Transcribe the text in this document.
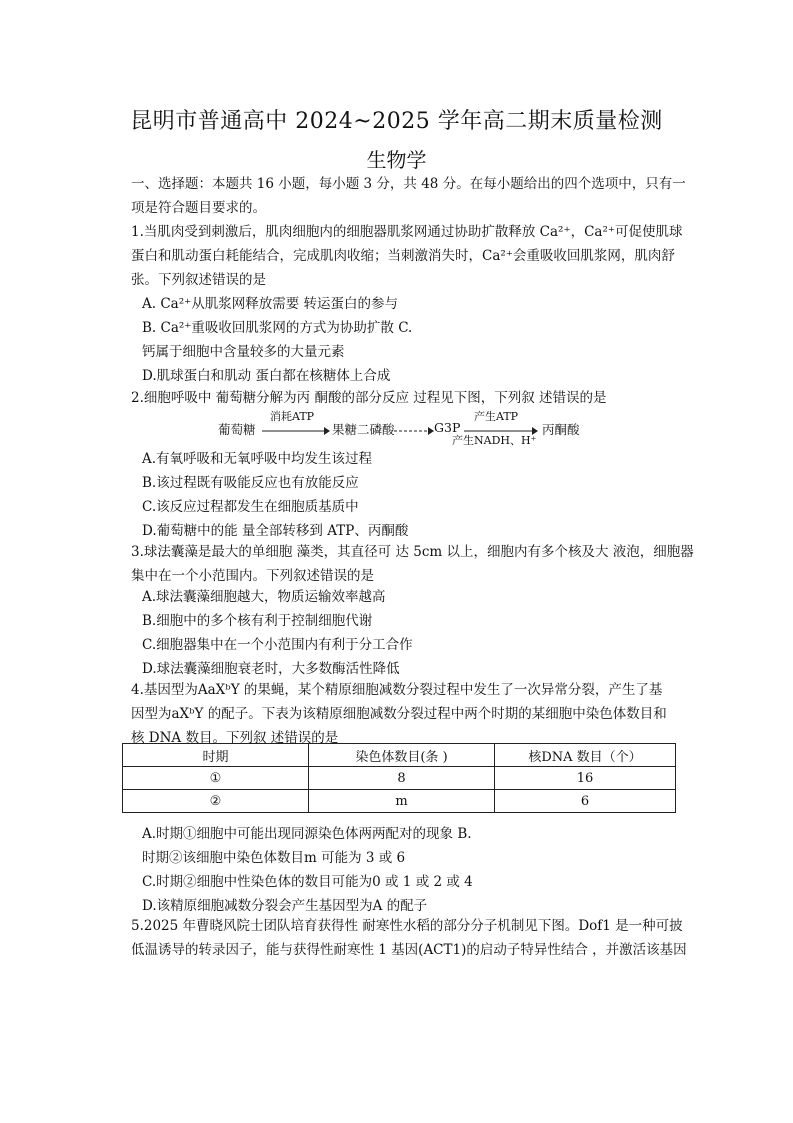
昆明市普通高中 2024~2025 学年高二期末质量检测
生物学
一、选择题：本题共 16 小题，每小题 3 分，共 48 分。在每小题给出的四个选项中，只有一
项是符合题目要求的。
1.当肌肉受到刺激后，肌肉细胞内的细胞器肌浆网通过协助扩散释放 Ca²⁺，Ca²⁺可促使肌球
蛋白和肌动蛋白耗能结合，完成肌肉收缩；当刺激消失时，Ca²⁺会重吸收回肌浆网，肌肉舒
张。下列叙述错误的是
A. Ca²⁺从肌浆网释放需要 转运蛋白的参与
B. Ca²⁺重吸收回肌浆网的方式为协助扩散 C.
钙属于细胞中含量较多的大量元素
D.肌球蛋白和肌动 蛋白都在核糖体上合成
2.细胞呼吸中 葡萄糖分解为丙 酮酸的部分反应 过程见下图，下列叙 述错误的是
葡萄糖
消耗ATP
果糖二磷酸	G3P
产生ATP
产生NADH、H⁺
丙酮酸
A.有氧呼吸和无氧呼吸中均发生该过程
B.该过程既有吸能反应也有放能反应
C.该反应过程都发生在细胞质基质中
D.葡萄糖中的能 量全部转移到 ATP、丙酮酸
3.球法囊藻是最大的单细胞 藻类，其直径可 达 5cm 以上，细胞内有多个核及大 液泡，细胞器
集中在一个小范围内。下列叙述错误的是
A.球法囊藻细胞越大，物质运输效率越高
B.细胞中的多个核有利于控制细胞代谢
C.细胞器集中在一个小范围内有利于分工合作
D.球法囊藻细胞衰老时，大多数酶活性降低
4.基因型为AaXᵇY 的果蝇，某个精原细胞减数分裂过程中发生了一次异常分裂，产生了基
因型为aXᵇY 的配子。下表为该精原细胞减数分裂过程中两个时期的某细胞中染色体数目和
核 DNA 数目。下列叙 述错误的是
时期	染色体数目(条 )	核DNA 数目（个）
①	8	16
②	m	6
A.时期①细胞中可能出现同源染色体两两配对的现象 B.
时期②该细胞中染色体数目m 可能为 3 或 6
C.时期②细胞中性染色体的数目可能为0 或 1 或 2 或 4
D.该精原细胞减数分裂会产生基因型为A 的配子
5.2025 年曹晓风院士团队培育获得性 耐寒性水稻的部分分子机制见下图。Dof1 是一种可披
低温诱导的转录因子，能与获得性耐寒性 1 基因(ACT1)的启动子特异性结合 ，并激活该基因
